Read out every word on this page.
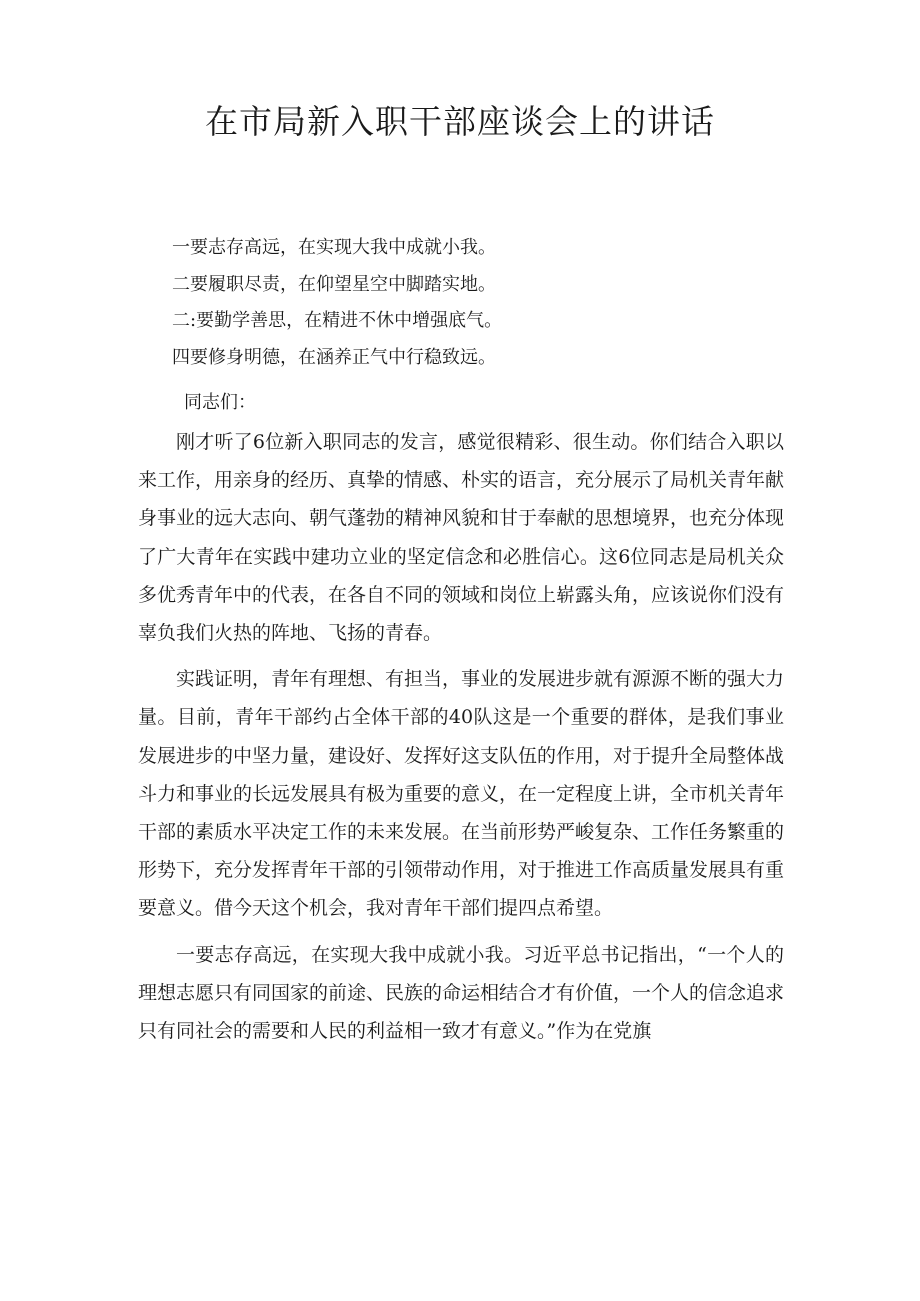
在市局新入职干部座谈会上的讲话

一要志存高远，在实现大我中成就小我。

二要履职尽责，在仰望星空中脚踏实地。

二:要勤学善思，在精进不休中增强底气。

四要修身明德，在涵养正气中行稳致远。

同志们：

刚才听了6位新入职同志的发言，感觉很精彩、很生动。你们结合入职以来工作，用亲身的经历、真挚的情感、朴实的语言，充分展示了局机关青年献身事业的远大志向、朝气蓬勃的精神风貌和甘于奉献的思想境界，也充分体现了广大青年在实践中建功立业的坚定信念和必胜信心。这6位同志是局机关众多优秀青年中的代表，在各自不同的领域和岗位上崭露头角，应该说你们没有辜负我们火热的阵地、飞扬的青春。

实践证明，青年有理想、有担当，事业的发展进步就有源源不断的强大力量。目前，青年干部约占全体干部的40队这是一个重要的群体，是我们事业发展进步的中坚力量，建设好、发挥好这支队伍的作用，对于提升全局整体战斗力和事业的长远发展具有极为重要的意义，在一定程度上讲，全市机关青年干部的素质水平决定工作的未来发展。在当前形势严峻复杂、工作任务繁重的形势下，充分发挥青年干部的引领带动作用，对于推进工作高质量发展具有重要意义。借今天这个机会，我对青年干部们提四点希望。

一要志存高远，在实现大我中成就小我。习近平总书记指出，“一个人的理想志愿只有同国家的前途、民族的命运相结合才有价值，一个人的信念追求只有同社会的需要和人民的利益相一致才有意义。”作为在党旗
